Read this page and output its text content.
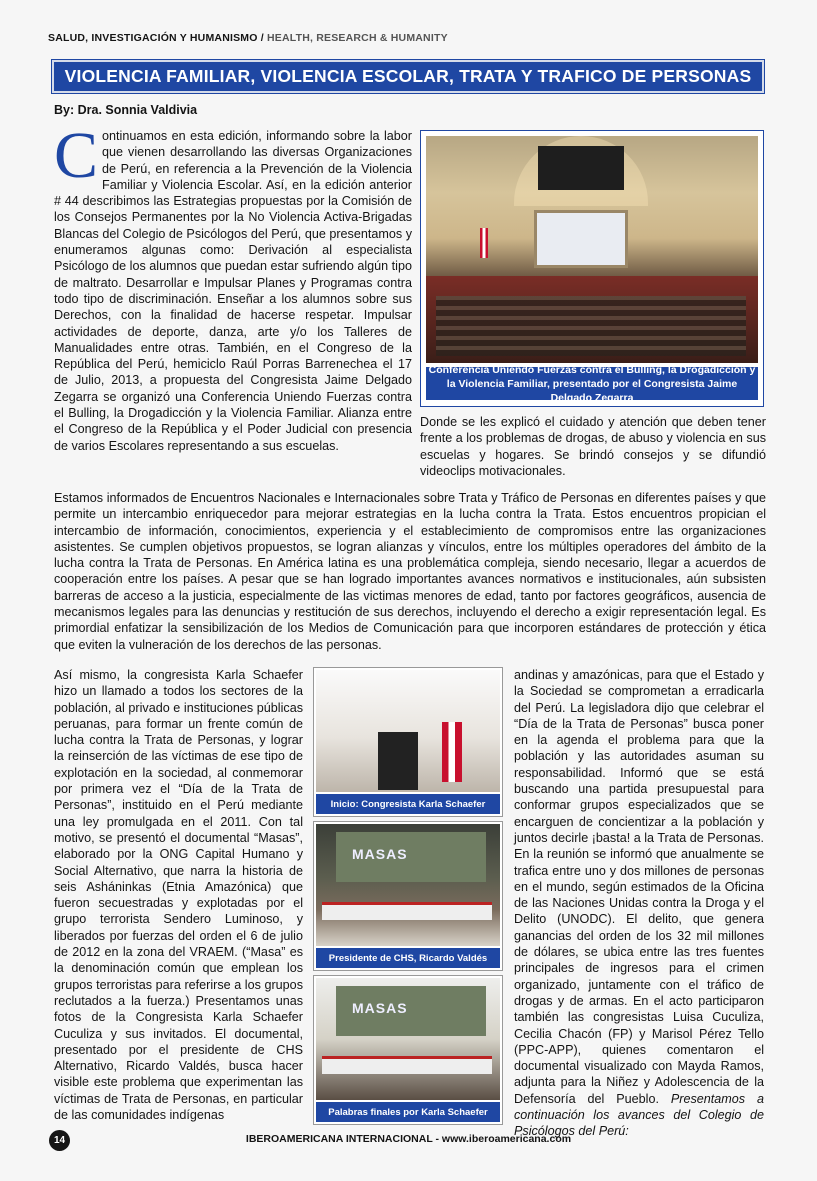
SALUD, INVESTIGACIÓN Y HUMANISMO / HEALTH, RESEARCH & HUMANITY
VIOLENCIA FAMILIAR, VIOLENCIA ESCOLAR, TRATA Y TRAFICO DE PERSONAS
By: Dra. Sonnia Valdivia
Continuamos en esta edición, informando sobre la labor que vienen desarrollando las diversas Organizaciones de Perú, en referencia a la Prevención de la Violencia Familiar y Violencia Escolar. Así, en la edición anterior # 44 describimos las Estrategias propuestas por la Comisión de los Consejos Permanentes por la No Violencia Activa-Brigadas Blancas del Colegio de Psicólogos del Perú, que presentamos y enumeramos algunas como: Derivación al especialista Psicólogo de los alumnos que puedan estar sufriendo algún tipo de maltrato. Desarrollar e Impulsar Planes y Programas contra todo tipo de discriminación. Enseñar a los alumnos sobre sus Derechos, con la finalidad de hacerse respetar. Impulsar actividades de deporte, danza, arte y/o los Talleres de Manualidades entre otras. También, en el Congreso de la República del Perú, hemiciclo Raúl Porras Barrenechea el 17 de Julio, 2013, a propuesta del Congresista Jaime Delgado Zegarra se organizó una Conferencia Uniendo Fuerzas contra el Bulling, la Drogadicción y la Violencia Familiar. Alianza entre el Congreso de la República y el Poder Judicial con presencia de varios Escolares representando a sus escuelas.
Conferencia Uniendo Fuerzas contra el Bulling, la Drogadicción y la Violencia Familiar, presentado por el Congresista Jaime Delgado Zegarra
Donde se les explicó el cuidado y atención que deben tener frente a los problemas de drogas, de abuso y violencia en sus escuelas y hogares. Se brindó consejos y se difundió videoclips motivacionales.
Estamos informados de Encuentros Nacionales e Internacionales sobre Trata y Tráfico de Personas en diferentes países y que permite un intercambio enriquecedor para mejorar estrategias en la lucha contra la Trata. Estos encuentros propician el intercambio de información, conocimientos, experiencia y el establecimiento de compromisos entre las organizaciones asistentes. Se cumplen objetivos propuestos, se logran alianzas y vínculos, entre los múltiples operadores del ámbito de la lucha contra la Trata de Personas. En América latina es una problemática compleja, siendo necesario, llegar a acuerdos de cooperación entre los países. A pesar que se han logrado importantes avances normativos e institucionales, aún subsisten barreras de acceso a la justicia, especialmente de las victimas menores de edad, tanto por factores geográficos, ausencia de mecanismos legales para las denuncias y restitución de sus derechos, incluyendo el derecho a exigir representación legal. Es primordial enfatizar la sensibilización de los Medios de Comunicación para que incorporen estándares de protección y ética que eviten la vulneración de los derechos de las personas.
Así mismo, la congresista Karla Schaefer hizo un llamado a todos los sectores de la población, al privado e instituciones públicas peruanas, para formar un frente común de lucha contra la Trata de Personas, y lograr la reinserción de las víctimas de ese tipo de explotación en la sociedad, al conmemorar por primera vez el “Día de la Trata de Personas”, instituido en el Perú mediante una ley promulgada en el 2011. Con tal motivo, se presentó el documental “Masas”, elaborado por la ONG Capital Humano y Social Alternativo, que narra la historia de seis Asháninkas (Etnia Amazónica) que fueron secuestradas y explotadas por el grupo terrorista Sendero Luminoso, y liberados por fuerzas del orden el 6 de julio de 2012 en la zona del VRAEM. (“Masa” es la denominación común que emplean los grupos terroristas para referirse a los grupos reclutados a la fuerza.) Presentamos unas fotos de la Congresista Karla Schaefer Cuculiza y sus invitados. El documental, presentado por el presidente de CHS Alternativo, Ricardo Valdés, busca hacer visible este problema que experimentan las víctimas de Trata de Personas, en particular de las comunidades indígenas
Inicio: Congresista Karla Schaefer
MASAS
Presidente de CHS, Ricardo Valdés
MASAS
Palabras finales por Karla Schaefer
andinas y amazónicas, para que el Estado y la Sociedad se comprometan a erradicarla del Perú. La legisladora dijo que celebrar el “Día de la Trata de Personas” busca poner en la agenda el problema para que la población y las autoridades asuman su responsabilidad. Informó que se está buscando una partida presupuestal para conformar grupos especializados que se encarguen de concientizar a la población y juntos decirle ¡basta! a la Trata de Personas. En la reunión se informó que anualmente se trafica entre uno y dos millones de personas en el mundo, según estimados de la Oficina de las Naciones Unidas contra la Droga y el Delito (UNODC). El delito, que genera ganancias del orden de los 32 mil millones de dólares, se ubica entre las tres fuentes principales de ingresos para el crimen organizado, juntamente con el tráfico de drogas y de armas. En el acto participaron también las congresistas Luisa Cuculiza, Cecilia Chacón (FP) y Marisol Pérez Tello (PPC-APP), quienes comentaron el documental visualizado con Mayda Ramos, adjunta para la Niñez y Adolescencia de la Defensoría del Pueblo. Presentamos a continuación los avances del Colegio de Psicólogos del Perú:
14	IBEROAMERICANA INTERNACIONAL - www.iberoamericana.com
